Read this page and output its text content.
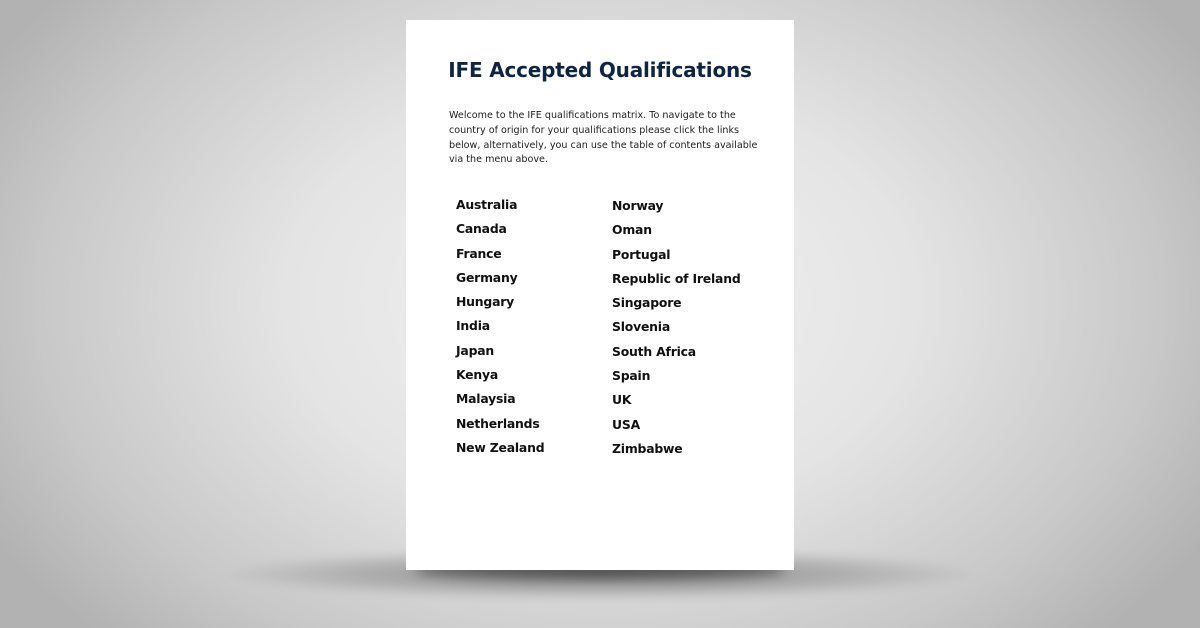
IFE Accepted Qualifications

Welcome to the IFE qualifications matrix. To navigate to the country of origin for your qualifications please click the links below, alternatively, you can use the table of contents available via the menu above.

Australia
Canada
France
Germany
Hungary
India
Japan
Kenya
Malaysia
Netherlands
New Zealand
Norway
Oman
Portugal
Republic of Ireland
Singapore
Slovenia
South Africa
Spain
UK
USA
Zimbabwe
